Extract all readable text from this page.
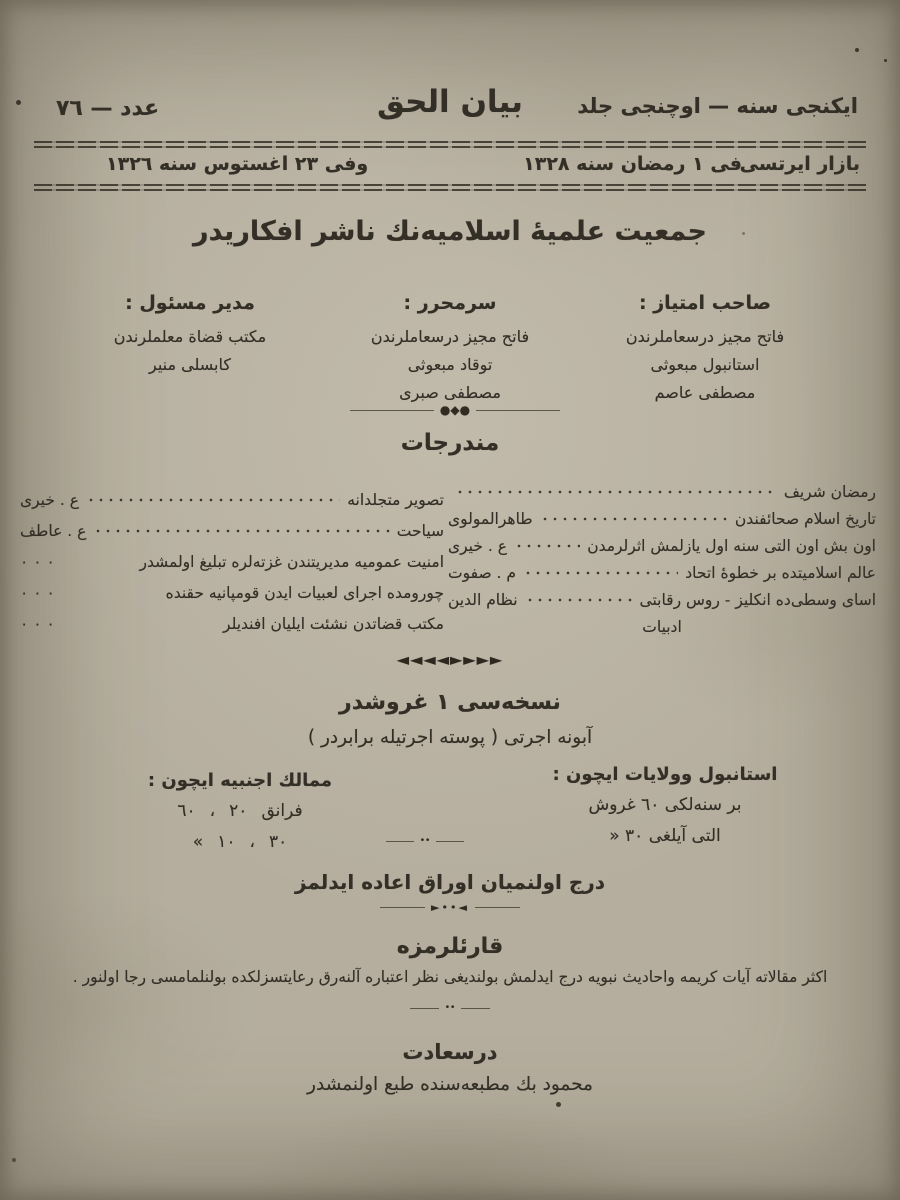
ايكنجى سنه — اوچنجى جلد
بيان الحق
عدد — ٧٦
بازار ايرتسى
فى ١ رمضان سنه ١٣٢٨
وفى ٢٣ اغستوس سنه ١٣٢٦
جمعيت علميهٔ اسلاميه‌نك ناشر افكاريدر
صاحب امتياز :
فاتح مجيز درسعاملرندن
استانبول مبعوثى
مصطفى عاصم
سرمحرر :
فاتح مجيز درسعاملرندن
توقاد مبعوثى
مصطفى صبرى
مدير مسئول :
مكتب قضاة معلملرندن
كابسلى منير
●◆●
مندرجات
رمضان شريف
تاريخ اسلام صحائفندن
طاهرالمولوى
اون بش اون التى سنه اول يازلمش اثرلرمدن
ع . خيرى
عالم اسلاميتده بر خطوهٔ اتحاد
م . صفوت
اساى وسطى‌ده انكليز - روس رقابتى
نظام الدين
ادبيات
تصوير متجلدانه
ع . خيرى
سياحت
ع . عاطف
امنيت عموميه مديريتندن غزته‌لره تبليغ اولمشدر
٠ ٠ ٠
چورومده اجراى لعبيات ايدن قومپانيه حقنده
٠ ٠ ٠
مكتب قضاتدن نشئت ايليان افنديلر
٠ ٠ ٠
►►►►◄◄◄◄
نسخه‌سى ١ غروشدر
آبونه اجرتى ( پوسته اجرتيله برابردر )
استانبول وولايات ايچون :
بر سنه‌لكى ٦٠ غروش
التى آيلغى ٣٠ «
ممالك اجنبيه ايچون :
٦٠ ، ٢٠ فرانق
« ١٠ ، ٣٠	••
درج اولنميان اوراق اعاده ايدلمز
◄••►
قارئلرمزه
اكثر مقالاته آيات كريمه واحاديث نبويه درج ايدلمش بولنديغى نظر اعتباره آلنه‌رق رعايتسزلكده بولنلمامسى رجا اولنور .
••
درسعادت
محمود بك مطبعه‌سنده طبع اولنمشدر
